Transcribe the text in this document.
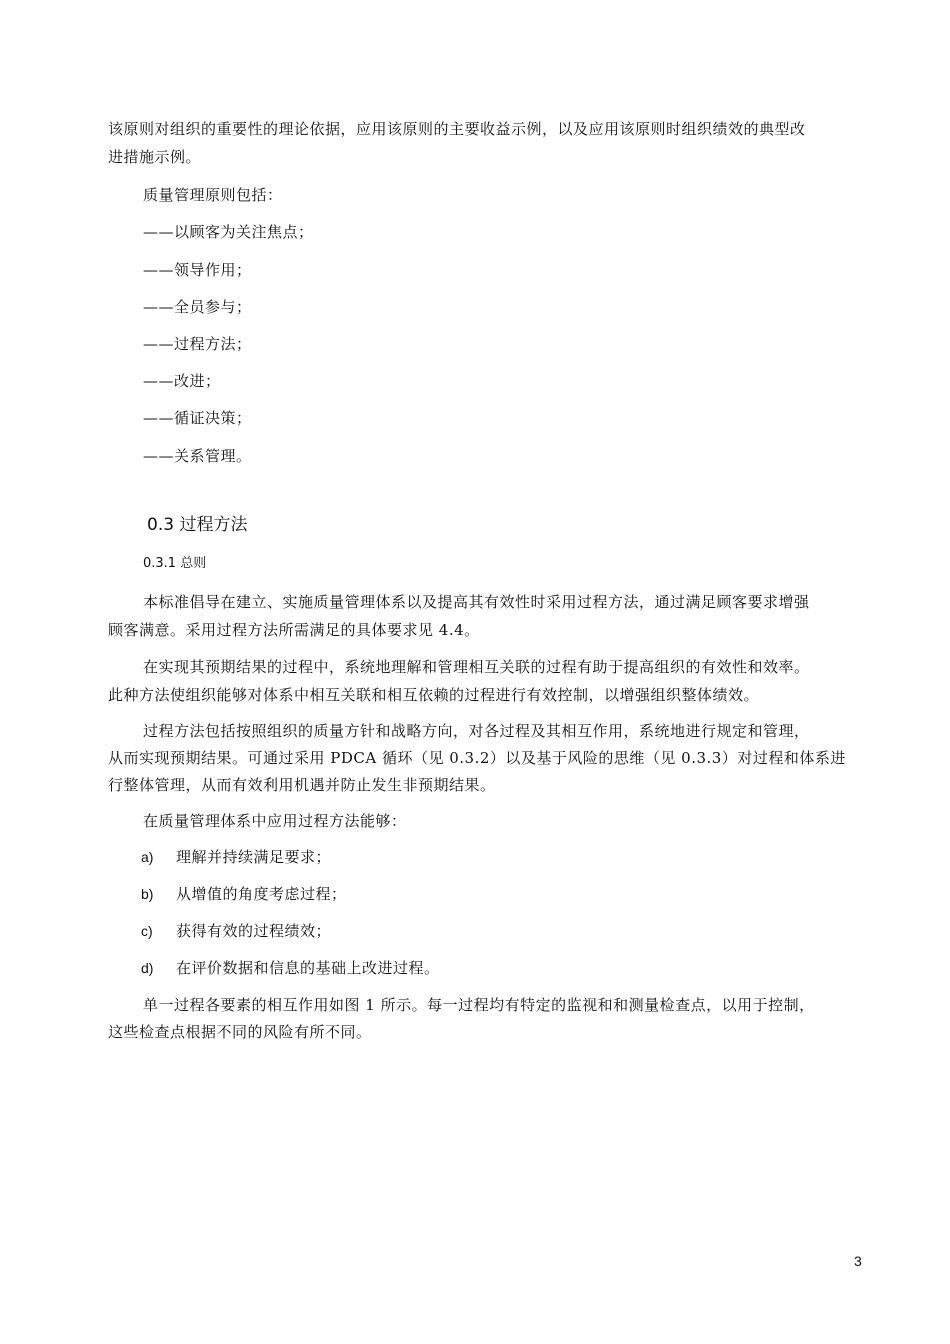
该原则对组织的重要性的理论依据，应用该原则的主要收益示例，以及应用该原则时组织绩效的典型改
进措施示例。
质量管理原则包括：
——以顾客为关注焦点；
——领导作用；
——全员参与；
——过程方法；
——改进；
——循证决策；
——关系管理。
0.3 过程方法
0.3.1 总则
本标准倡导在建立、实施质量管理体系以及提高其有效性时采用过程方法，通过满足顾客要求增强
顾客满意。采用过程方法所需满足的具体要求见 4.4。
在实现其预期结果的过程中，系统地理解和管理相互关联的过程有助于提高组织的有效性和效率。
此种方法使组织能够对体系中相互关联和相互依赖的过程进行有效控制，以增强组织整体绩效。
过程方法包括按照组织的质量方针和战略方向，对各过程及其相互作用，系统地进行规定和管理，
从而实现预期结果。可通过采用 PDCA 循环（见 0.3.2）以及基于风险的思维（见 0.3.3）对过程和体系进
行整体管理，从而有效利用机遇并防止发生非预期结果。
在质量管理体系中应用过程方法能够：
a) 理解并持续满足要求；
b) 从增值的角度考虑过程；
c) 获得有效的过程绩效；
d) 在评价数据和信息的基础上改进过程。
单一过程各要素的相互作用如图 1 所示。每一过程均有特定的监视和和测量检查点，以用于控制，
这些检查点根据不同的风险有所不同。
3
